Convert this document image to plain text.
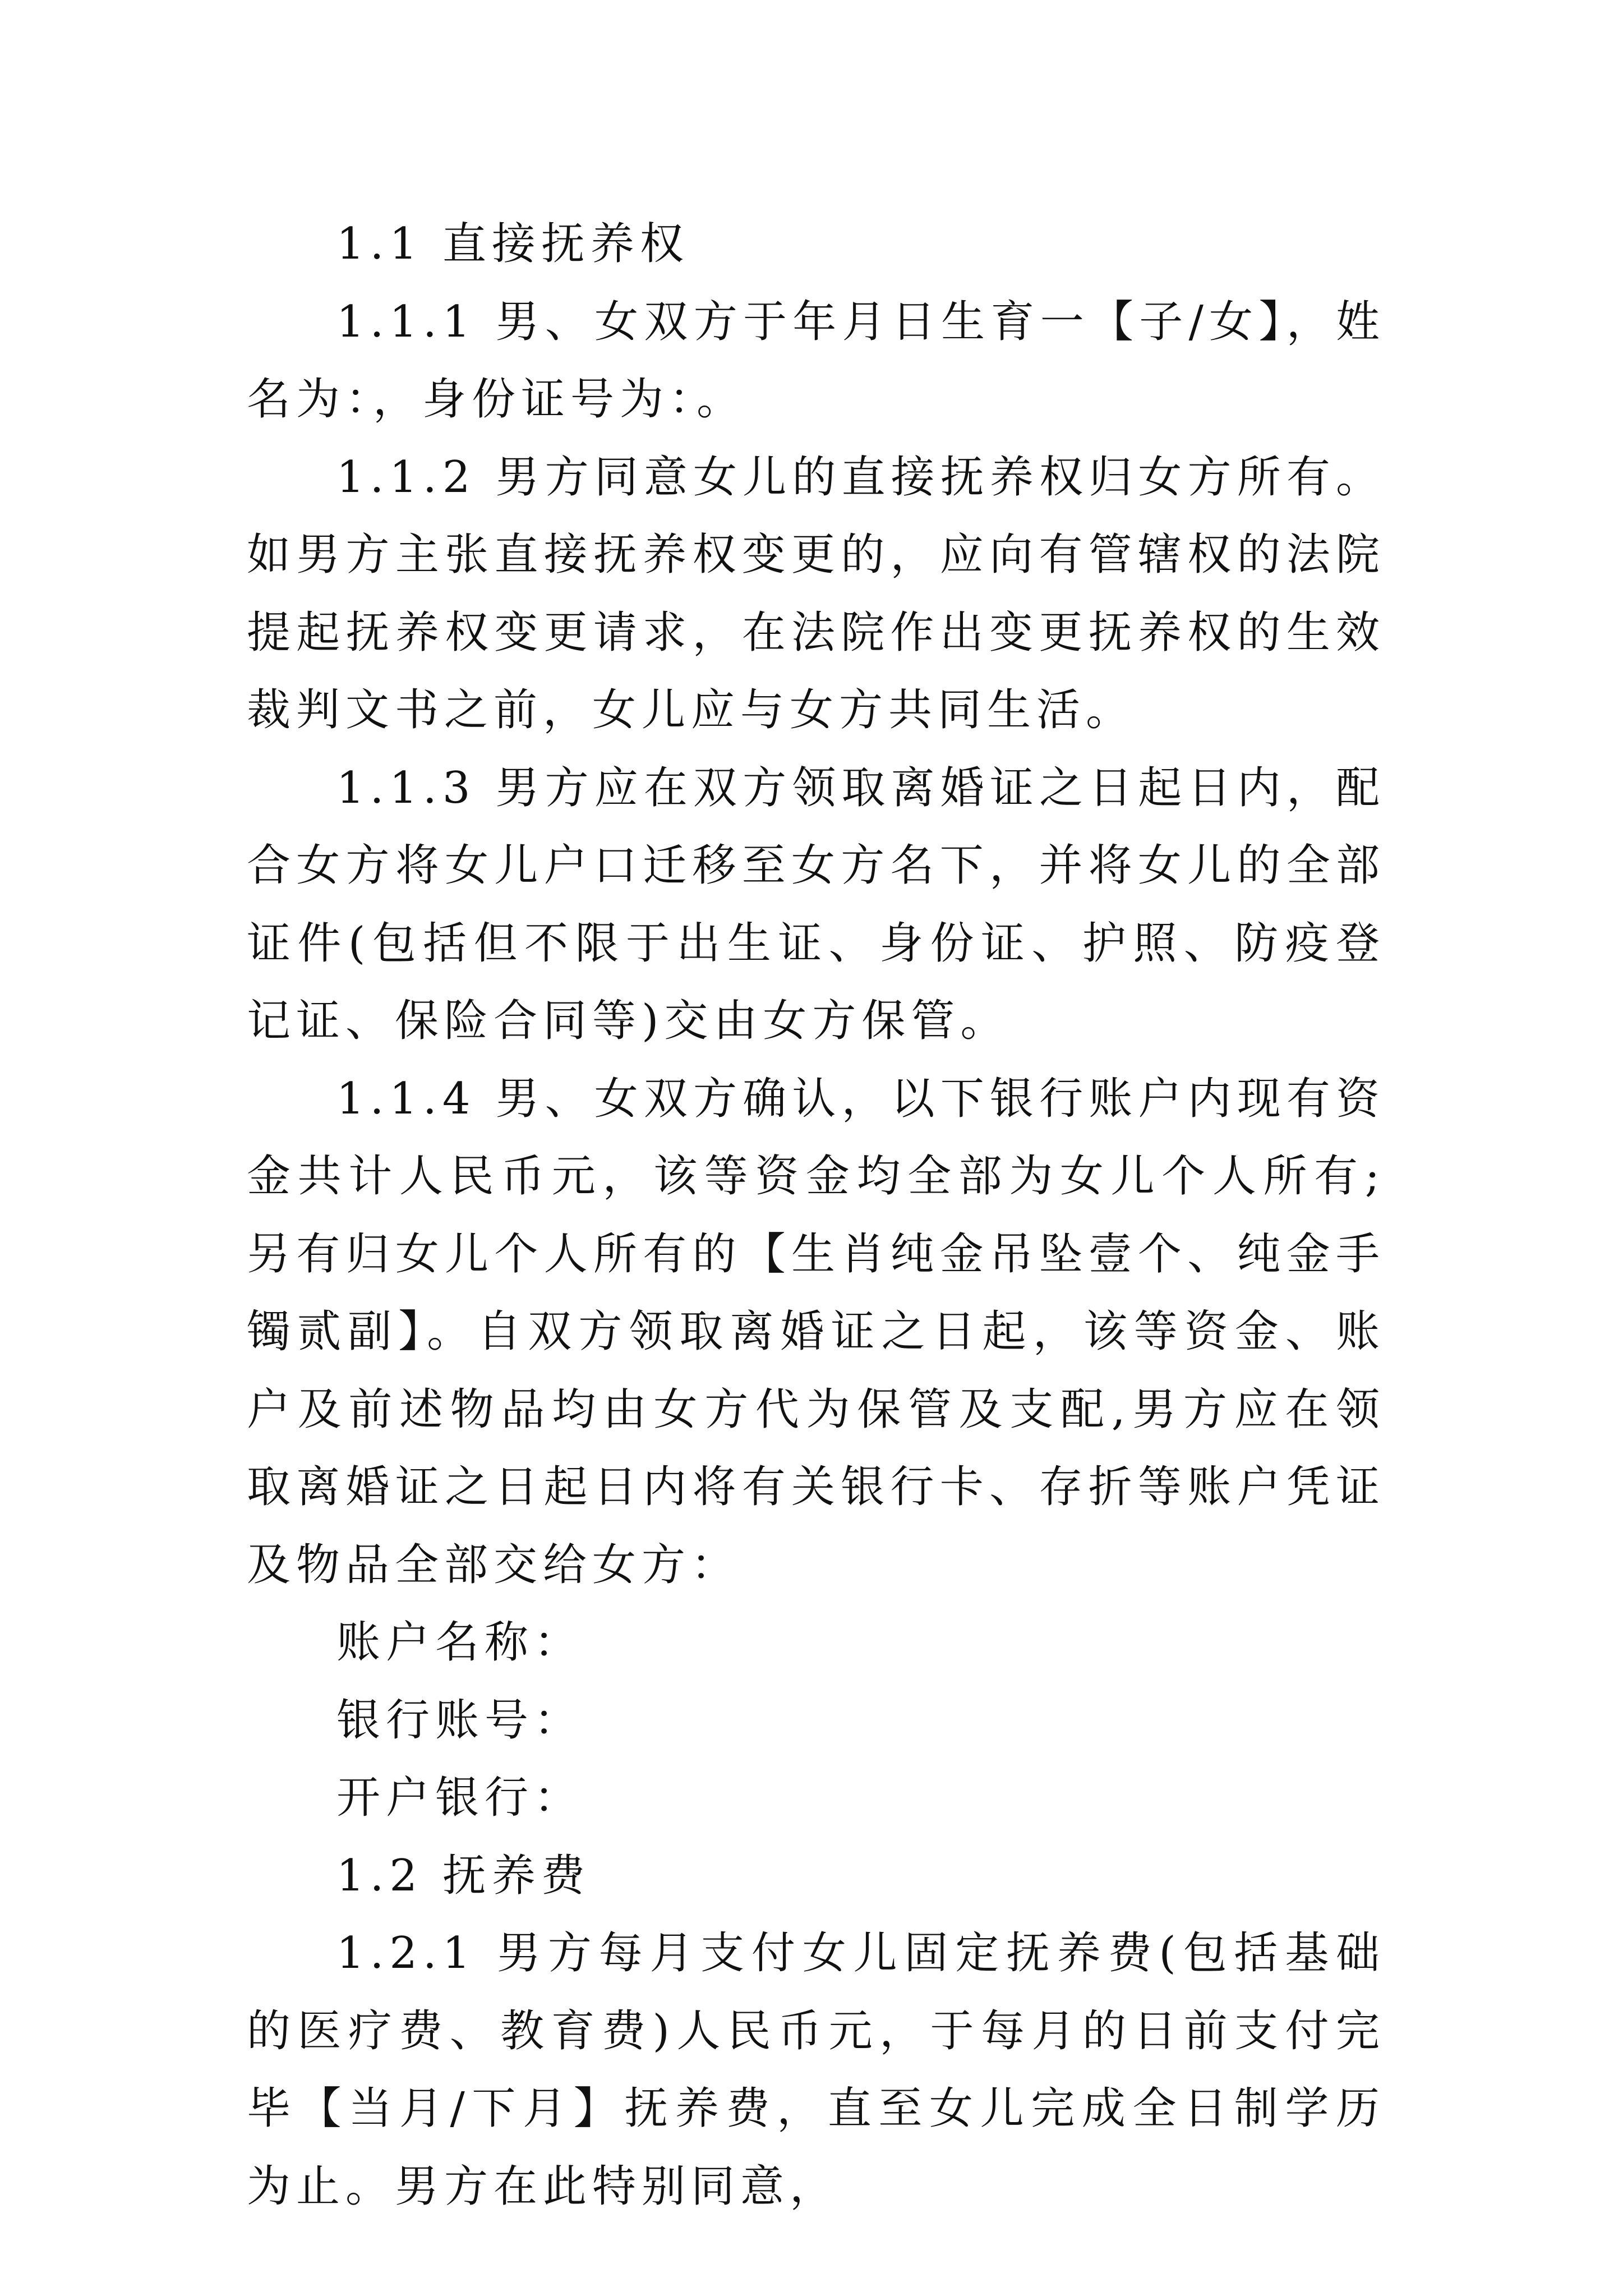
1.1 直接抚养权

1.1.1 男、女双方于年月日生育一【子/女】，姓名为：，身份证号为：。

1.1.2 男方同意女儿的直接抚养权归女方所有。如男方主张直接抚养权变更的，应向有管辖权的法院提起抚养权变更请求，在法院作出变更抚养权的生效裁判文书之前，女儿应与女方共同生活。

1.1.3 男方应在双方领取离婚证之日起日内，配合女方将女儿户口迁移至女方名下，并将女儿的全部证件(包括但不限于出生证、身份证、护照、防疫登记证、保险合同等)交由女方保管。

1.1.4 男、女双方确认，以下银行账户内现有资金共计人民币元，该等资金均全部为女儿个人所有;另有归女儿个人所有的【生肖纯金吊坠壹个、纯金手镯贰副】。自双方领取离婚证之日起，该等资金、账户及前述物品均由女方代为保管及支配,男方应在领取离婚证之日起日内将有关银行卡、存折等账户凭证及物品全部交给女方：

账户名称：

银行账号：

开户银行：

1.2 抚养费

1.2.1 男方每月支付女儿固定抚养费(包括基础的医疗费、教育费)人民币元，于每月的日前支付完毕【当月/下月】抚养费，直至女儿完成全日制学历为止。男方在此特别同意，
